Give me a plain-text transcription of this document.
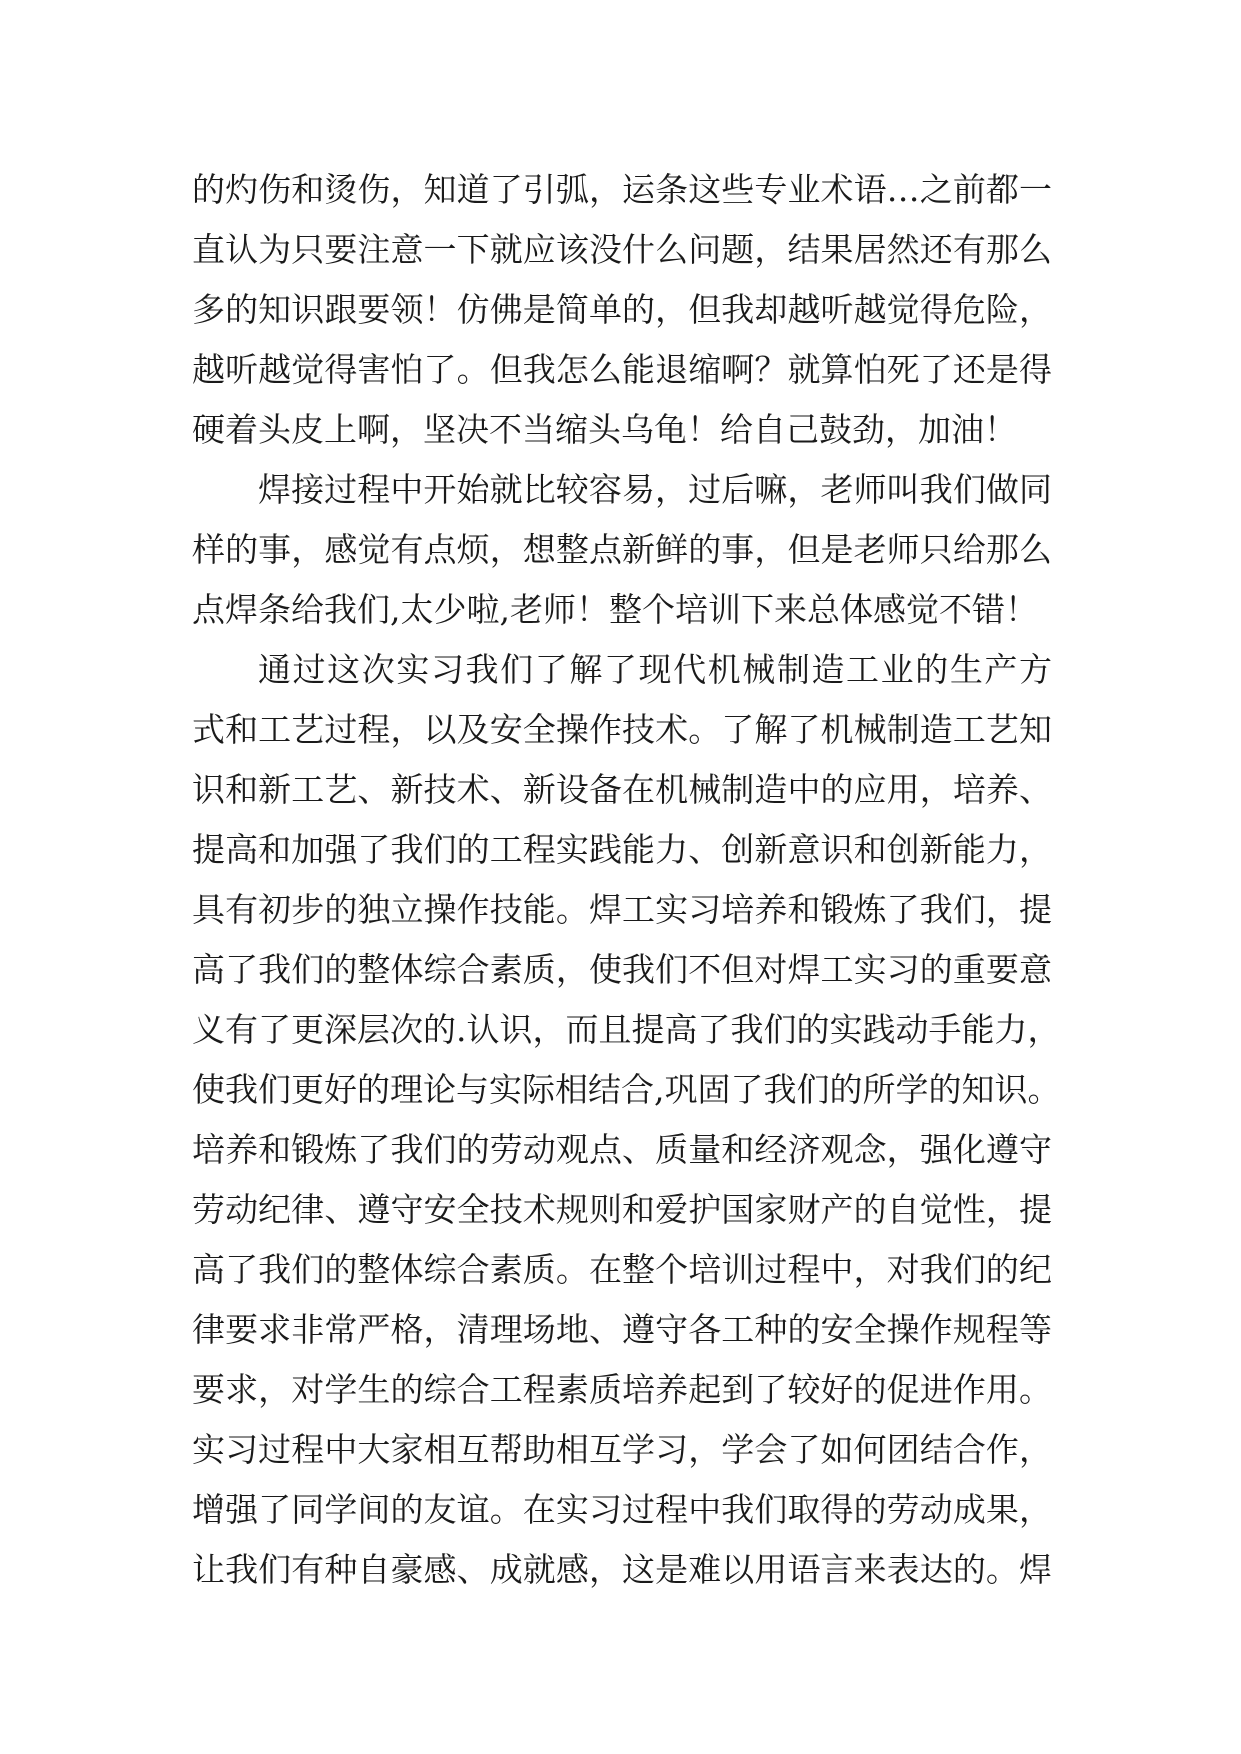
的灼伤和烫伤，知道了引弧，运条这些专业术语…之前都一
直认为只要注意一下就应该没什么问题，结果居然还有那么
多的知识跟要领！仿佛是简单的，但我却越听越觉得危险，
越听越觉得害怕了。但我怎么能退缩啊？就算怕死了还是得
硬着头皮上啊，坚决不当缩头乌龟！给自己鼓劲，加油！
焊接过程中开始就比较容易，过后嘛，老师叫我们做同
样的事，感觉有点烦，想整点新鲜的事，但是老师只给那么
点焊条给我们,太少啦,老师！整个培训下来总体感觉不错！
通过这次实习我们了解了现代机械制造工业的生产方
式和工艺过程，以及安全操作技术。了解了机械制造工艺知
识和新工艺、新技术、新设备在机械制造中的应用，培养、
提高和加强了我们的工程实践能力、创新意识和创新能力，
具有初步的独立操作技能。焊工实习培养和锻炼了我们，提
高了我们的整体综合素质，使我们不但对焊工实习的重要意
义有了更深层次的.认识，而且提高了我们的实践动手能力，
使我们更好的理论与实际相结合,巩固了我们的所学的知识。
培养和锻炼了我们的劳动观点、质量和经济观念，强化遵守
劳动纪律、遵守安全技术规则和爱护国家财产的自觉性，提
高了我们的整体综合素质。在整个培训过程中，对我们的纪
律要求非常严格，清理场地、遵守各工种的安全操作规程等
要求，对学生的综合工程素质培养起到了较好的促进作用。
实习过程中大家相互帮助相互学习，学会了如何团结合作，
增强了同学间的友谊。在实习过程中我们取得的劳动成果，
让我们有种自豪感、成就感，这是难以用语言来表达的。焊
